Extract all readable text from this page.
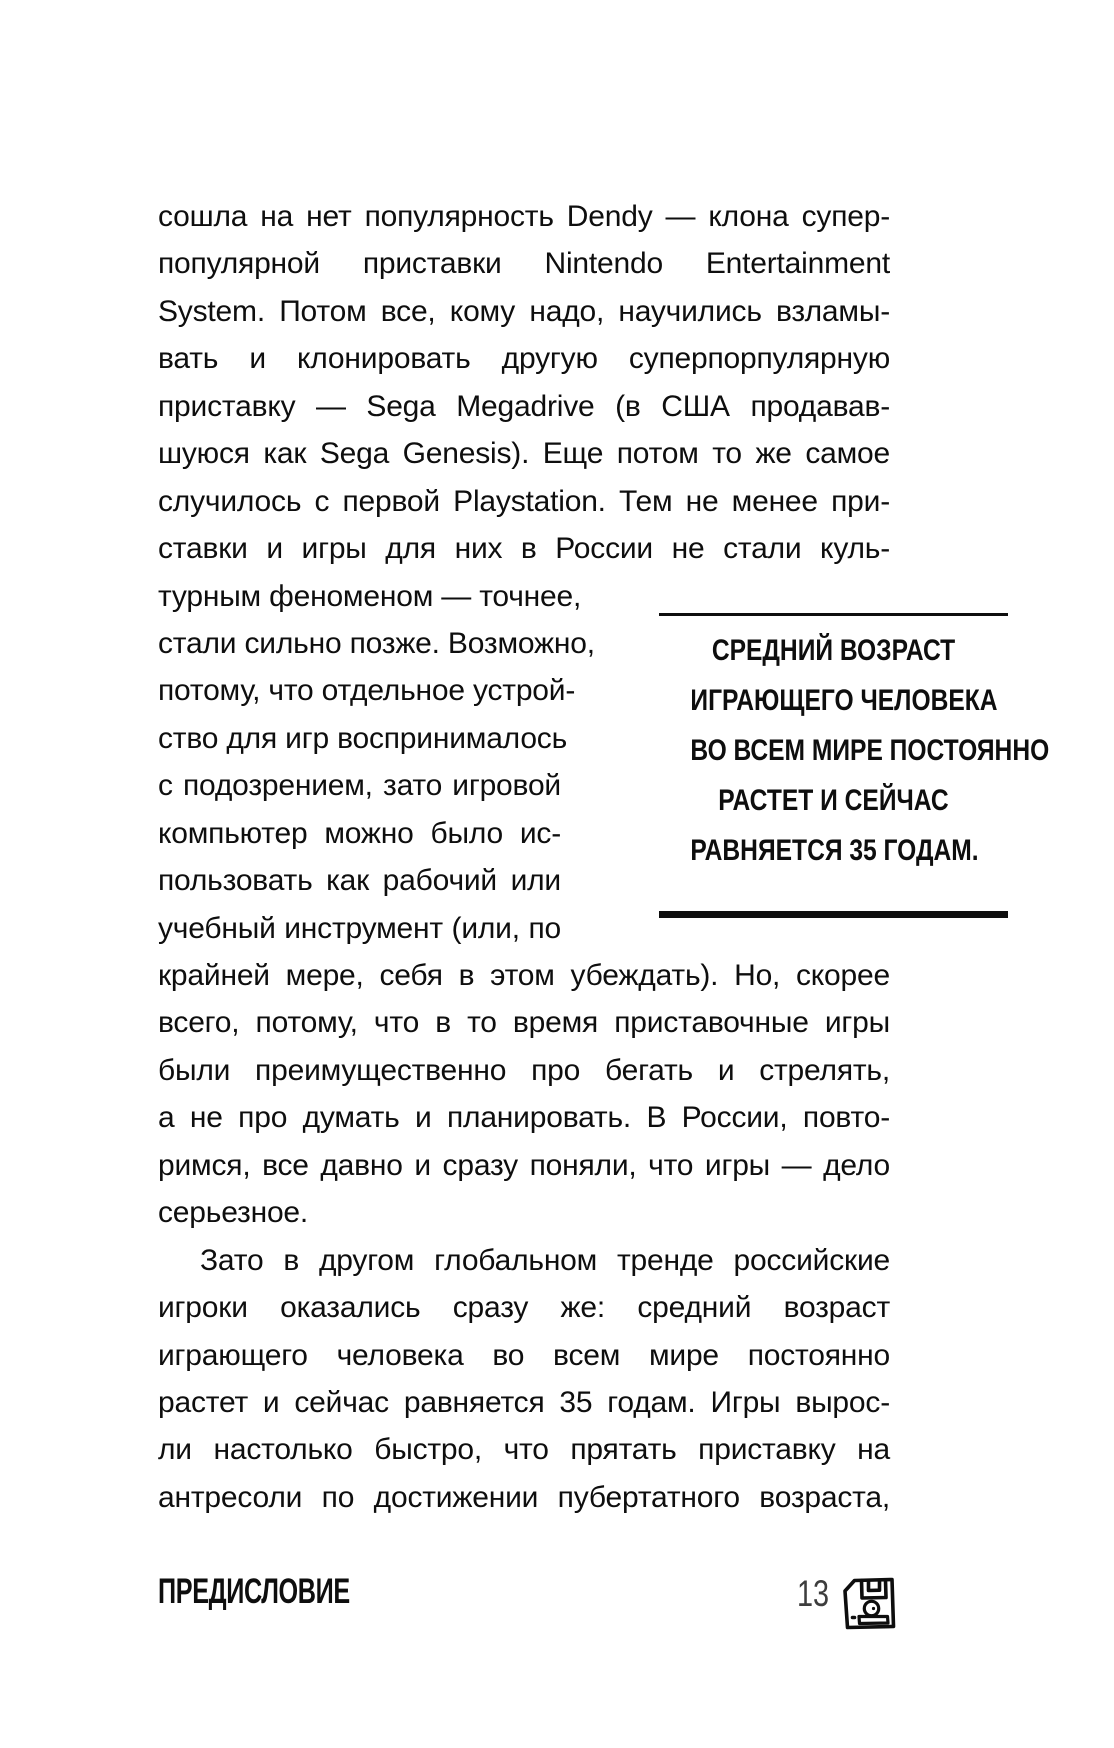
сошла на нет популярность Dendy — клона супер-
популярной приставки Nintendo Entertainment
System. Потом все, кому надо, научились взламы-
вать и клонировать другую суперпорпулярную
приставку — Sega Megadrive (в США продавав-
шуюся как Sega Genesis). Еще потом то же самое
случилось с первой Playstation. Тем не менее при-
ставки и игры для них в России не стали куль-
турным феноменом — точнее,
стали сильно позже. Возможно,
потому, что отдельное устрой-
ство для игр воспринималось
с подозрением, зато игровой
компьютер можно было ис-
пользовать как рабочий или
учебный инструмент (или, по
крайней мере, себя в этом убеждать). Но, скорее
всего, потому, что в то время приставочные игры
были преимущественно про бегать и стрелять,
а не про думать и планировать. В России, повто-
римся, все давно и сразу поняли, что игры — дело
серьезное.
Зато в другом глобальном тренде российские
игроки оказались сразу же: средний возраст
играющего человека во всем мире постоянно
растет и сейчас равняется 35 годам. Игры вырос-
ли настолько быстро, что прятать приставку на
антресоли по достижении пубертатного возраста,
СРЕДНИЙ ВОЗРАСТ
ИГРАЮЩЕГО ЧЕЛОВЕКА
ВО ВСЕМ МИРЕ ПОСТОЯННО
РАСТЕТ И СЕЙЧАС
РАВНЯЕТСЯ 35 ГОДАМ.
ПРЕДИСЛОВИЕ	13
